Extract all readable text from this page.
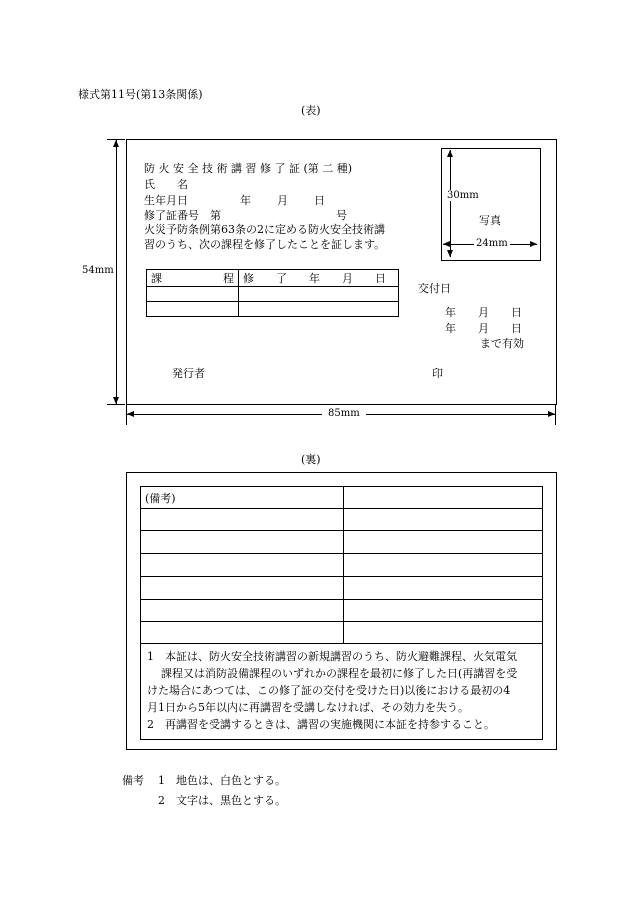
様式第11号(第13条関係)
(表)
54mm
防 火 安 全 技 術 講 習 修 了 証 (第 二 種)
氏　　名
生年月日	年 月 日
修了証番号　第	号
火災予防条例第63条の2に定める防火安全技術講
習のうち、次の課程を修了したことを証します。
課 程	修　　了　　年　　月　　日

交付日
年　　月　　日
年　　月　　日
まで有効
発行者	印
30mm
写真
24mm
85mm
(裏)
(備考)	

1　本証は、防火安全技術講習の新規講習のうち、防火避難課程、火気電気
課程又は消防設備課程のいずれかの課程を最初に修了した日(再講習を受
けた場合にあつては、この修了証の交付を受けた日)以後における最初の4
月1日から5年以内に再講習を受講しなければ、その効力を失う。
2　再講習を受講するときは、講習の実施機関に本証を持参すること。	
備考 1　地色は、白色とする。
2　文字は、黒色とする。
